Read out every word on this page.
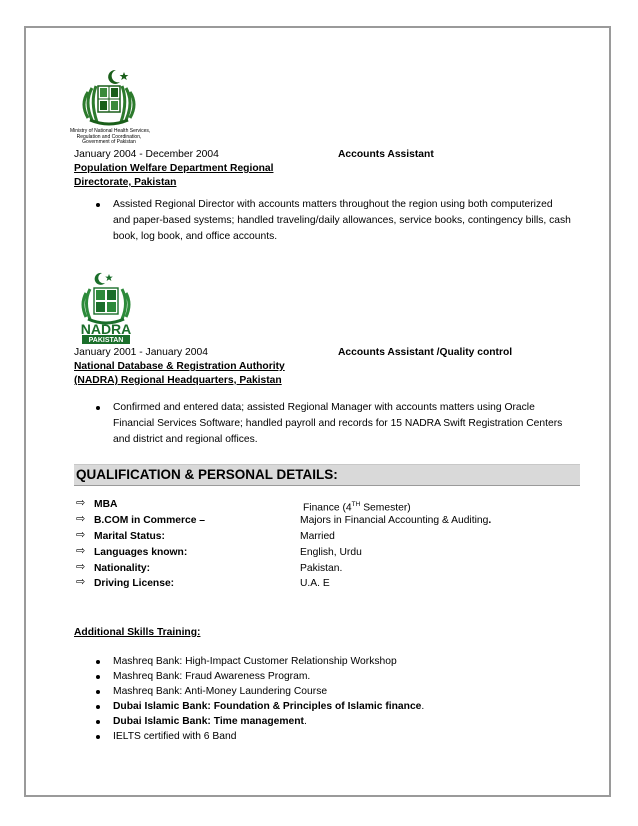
Ministry of National Health Services,
Regulation and Coordination,
Government of Pakistan
January 2004 - December 2004	Accounts Assistant
Population Welfare Department Regional
Directorate, Pakistan
Assisted Regional Director with accounts matters throughout the region using both computerized
and paper-based systems; handled traveling/daily allowances, service books, contingency bills, cash
book, log book, and office accounts.
PAKISTAN
NADRA
January 2001 - January 2004	Accounts Assistant /Quality control
National Database & Registration Authority
(NADRA) Regional Headquarters, Pakistan
Confirmed and entered data; assisted Regional Manager with accounts matters using Oracle
Financial Services Software; handled payroll and records for 15 NADRA Swift Registration Centers
and district and regional offices.
QUALIFICATION & PERSONAL DETAILS:
⇨ MBA	Finance (4TH Semester)
⇨ B.COM in Commerce –	Majors in Financial Accounting & Auditing.
⇨ Marital Status:	Married
⇨ Languages known:	English, Urdu
⇨ Nationality:	Pakistan.
⇨ Driving License:	U.A. E
Additional Skills Training:
Mashreq Bank: High-Impact Customer Relationship Workshop
Mashreq Bank: Fraud Awareness Program.
Mashreq Bank: Anti-Money Laundering Course
Dubai Islamic Bank: Foundation & Principles of Islamic finance.
Dubai Islamic Bank: Time management.
IELTS certified with 6 Band
